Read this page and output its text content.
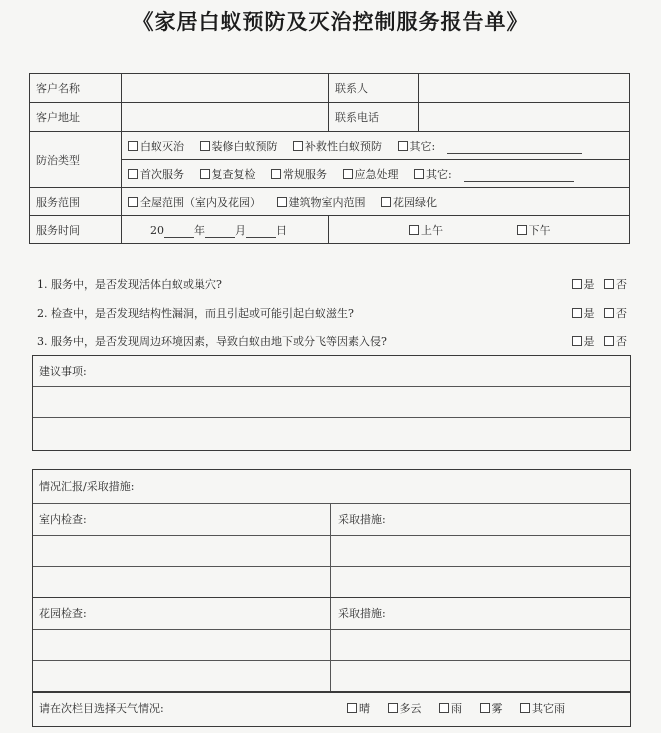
《家居白蚁预防及灭治控制服务报告单》
客户名称		联系人	
客户地址		联系电话	
防治类型	白蚁灭治 装修白蚁预防 补救性白蚁预防 其它:		
	首次服务 复查复检 常规服务 应急处理 其它:		
服务范围	全屋范围（室内及花园） 建筑物室内范围 花园绿化		
服务时间	20 年 月 日	上午 下午	
1. 服务中，是否发现活体白蚁或巢穴?	是 否
2. 检查中，是否发现结构性漏洞，而且引起或可能引起白蚁滋生?	是 否
3. 服务中，是否发现周边环境因素，导致白蚁由地下或分飞等因素入侵?	是 否
建议事项:
情况汇报/采取措施:
室内检查:	采取措施:
花园检查:	采取措施:
请在次栏目选择天气情况:	晴	多云	雨	雾	其它雨
